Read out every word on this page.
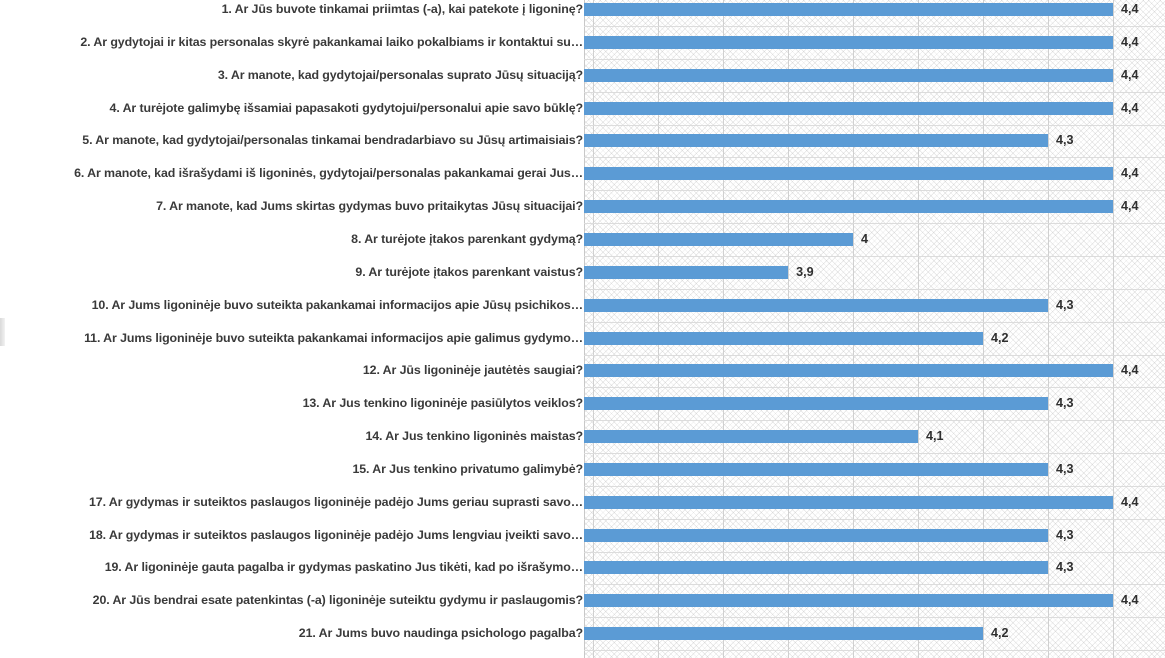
1. Ar Jūs buvote tinkamai priimtas (-a), kai patekote į ligoninę?	4,4
2. Ar gydytojai ir kitas personalas skyrė pakankamai laiko pokalbiams ir kontaktui su…	4,4
3. Ar manote, kad gydytojai/personalas suprato Jūsų situaciją?	4,4
4. Ar turėjote galimybę išsamiai papasakoti gydytojui/personalui apie savo būklę?	4,4
5. Ar manote, kad gydytojai/personalas tinkamai bendradarbiavo su Jūsų artimaisiais?	4,3
6. Ar manote, kad išrašydami iš ligoninės, gydytojai/personalas pakankamai gerai Jus…	4,4
7. Ar manote, kad Jums skirtas gydymas buvo pritaikytas Jūsų situacijai?	4,4
8. Ar turėjote įtakos parenkant gydymą?	4
9. Ar turėjote įtakos parenkant vaistus?	3,9
10. Ar Jums ligoninėje buvo suteikta pakankamai informacijos apie Jūsų psichikos…	4,3
11. Ar Jums ligoninėje buvo suteikta pakankamai informacijos apie galimus gydymo…	4,2
12. Ar Jūs ligoninėje jautėtės saugiai?	4,4
13. Ar Jus tenkino ligoninėje pasiūlytos veiklos?	4,3
14. Ar Jus tenkino ligoninės maistas?	4,1
15. Ar Jus tenkino privatumo galimybė?	4,3
17. Ar gydymas ir suteiktos paslaugos ligoninėje padėjo Jums geriau suprasti savo…	4,4
18. Ar gydymas ir suteiktos paslaugos ligoninėje padėjo Jums lengviau įveikti savo…	4,3
19. Ar ligoninėje gauta pagalba ir gydymas paskatino Jus tikėti, kad po išrašymo…	4,3
20. Ar Jūs bendrai esate patenkintas (-a) ligoninėje suteiktu gydymu ir paslaugomis?	4,4
21. Ar Jums buvo naudinga psichologo pagalba?	4,2
